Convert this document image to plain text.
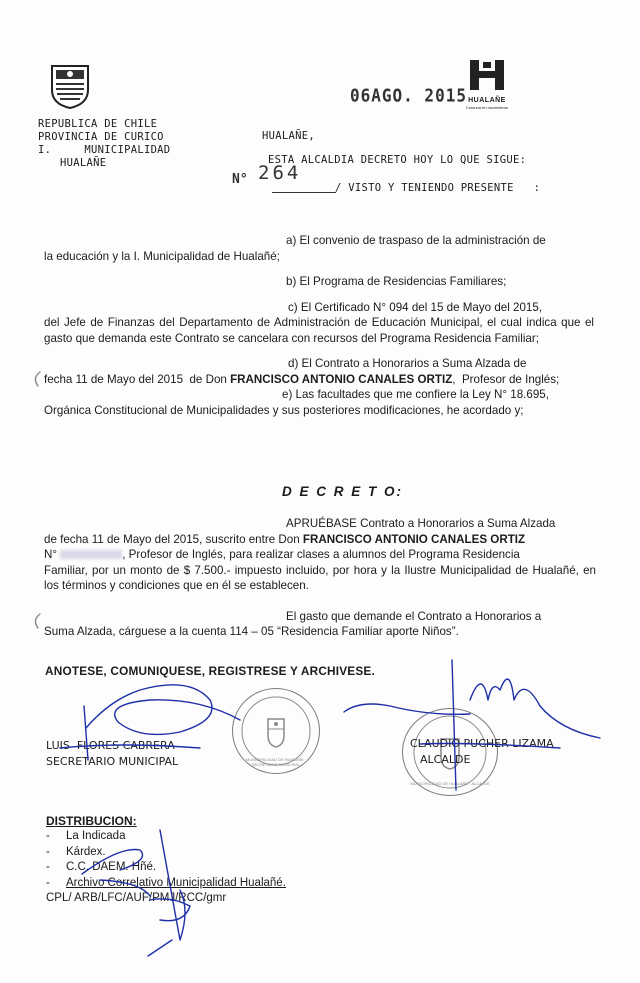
REPUBLICA DE CHILE
PROVINCIA DE CURICO
I.     MUNICIPALIDAD
HUALAÑE
06AGO. 2015 HUALAÑE
Comuna en movimiento
HUALAÑE,
ESTA ALCALDIA DECRETO HOY LO QUE SIGUE:
N° 264
/ VISTO Y TENIENDO PRESENTE   :
a) El convenio de traspaso de la administración de
la educación y la I. Municipalidad de Hualañé;
b) El Programa de Residencias Familiares;
c) El Certificado N° 094 del 15 de Mayo del 2015,
del Jefe de Finanzas del Departamento de Administración de Educación Municipal, el cual indica que el gasto que demanda este Contrato se cancelara con recursos del Programa Residencia Familiar;
d) El Contrato a Honorarios a Suma Alzada de
fecha 11 de Mayo del 2015  de Don FRANCISCO ANTONIO CANALES ORTIZ,  Profesor de Inglés;
e) Las facultades que me confiere la Ley N° 18.695,
Orgánica Constitucional de Municipalidades y sus posteriores modificaciones, he acordado y;
D E C R E T O:
APRUÉBASE Contrato a Honorarios a Suma Alzada
de fecha 11 de Mayo del 2015, suscrito entre Don FRANCISCO ANTONIO CANALES ORTIZ
N°	, Profesor de Inglés, para realizar clases a alumnos del Programa Residencia
Familiar, por un monto de $ 7.500.- impuesto incluido, por hora y la Ilustre Municipalidad de Hualañé, en los términos y condiciones que en él se establecen.
El gasto que demande el Contrato a Honorarios a
Suma Alzada, cárguese a la cuenta 114 – 05 “Residencia Familiar aporte Niños”.
ANOTESE, COMUNIQUESE, REGISTRESE Y ARCHIVESE.
MUNICIPALIDAD DE HUALAÑE · SECRETARIO MUNICIPAL
MUNICIPALIDAD DE HUALAÑE · ALCALDE
LUIS  FLORES CABRERA
SECRETARIO MUNICIPAL
CLAUDIO PUCHER LIZAMA
ALCALDE
DISTRIBUCION:
- La Indicada
- Kárdex.
- C.C. DAEM. Hñé.
- Archivo Correlativo Municipalidad Hualañé.
CPL/ ARB/LFC/AUF/PMJ/RCC/gmr
